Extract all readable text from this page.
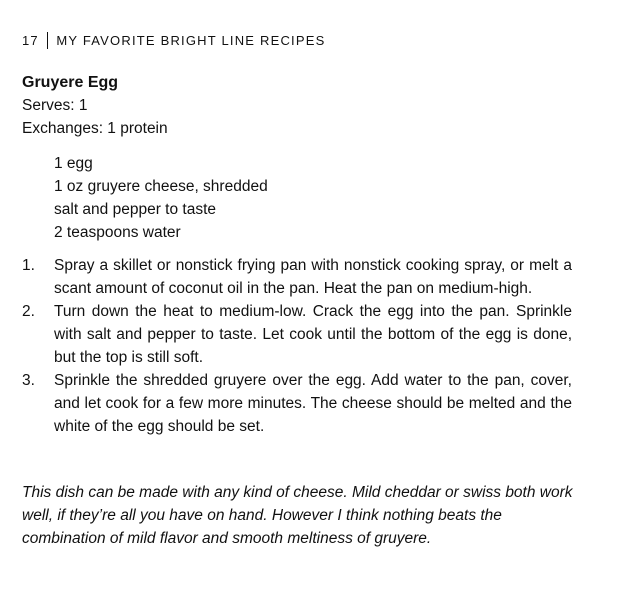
17 MY FAVORITE BRIGHT LINE RECIPES
Gruyere Egg
Serves: 1
Exchanges: 1 protein
1 egg
1 oz gruyere cheese, shredded
salt and pepper to taste
2 teaspoons water
1.	Spray a skillet or nonstick frying pan with nonstick cooking spray, or melt a scant amount of coconut oil in the pan. Heat the pan on medium-high.
2.	Turn down the heat to medium-low. Crack the egg into the pan. Sprinkle with salt and pepper to taste. Let cook until the bottom of the egg is done, but the top is still soft.
3.	Sprinkle the shredded gruyere over the egg. Add water to the pan, cover, and let cook for a few more minutes. The cheese should be melted and the white of the egg should be set.
This dish can be made with any kind of cheese. Mild cheddar or swiss both work well, if they’re all you have on hand. However I think nothing beats the combination of mild flavor and smooth meltiness of gruyere.
